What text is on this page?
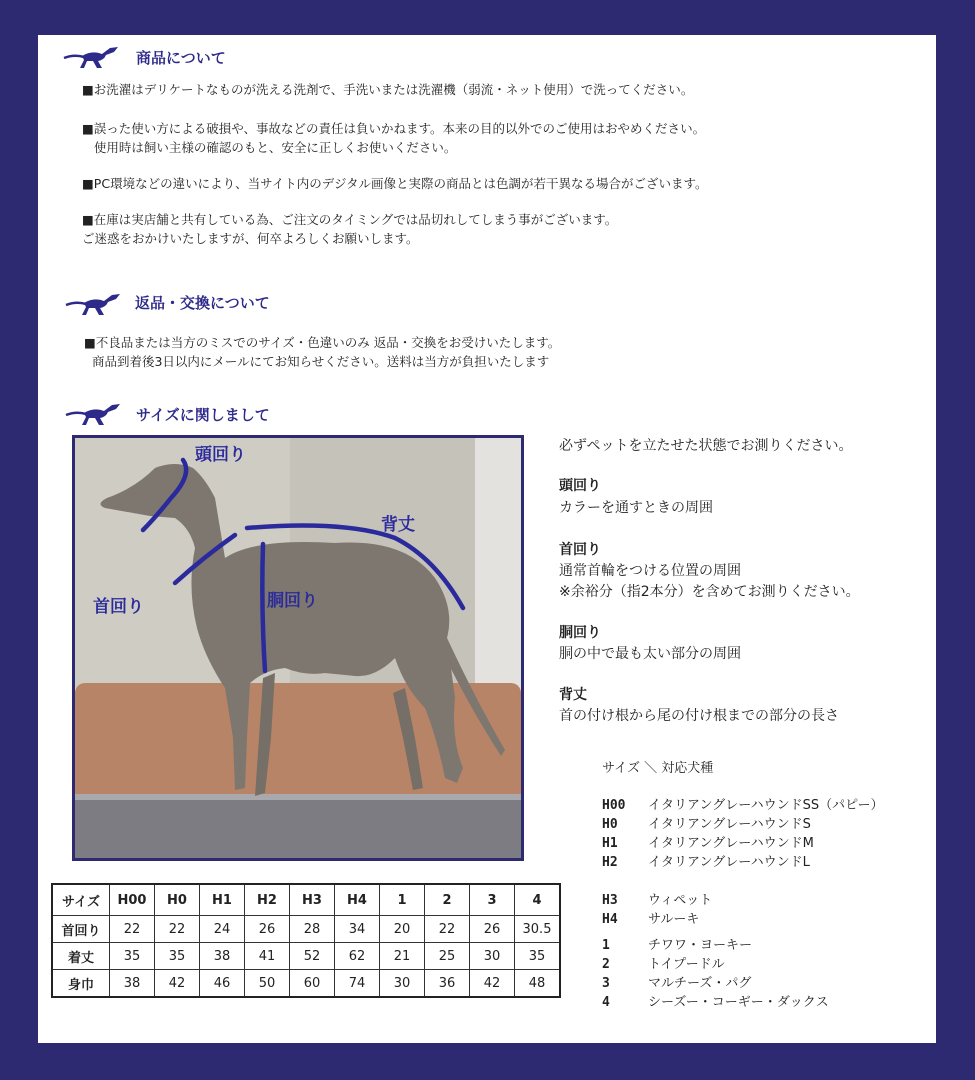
商品について
■お洗濯はデリケートなものが洗える洗剤で、手洗いまたは洗濯機（弱流・ネット使用）で洗ってください。
■誤った使い方による破損や、事故などの責任は負いかねます。本来の目的以外でのご使用はおやめください。
使用時は飼い主様の確認のもと、安全に正しくお使いください。
■PC環境などの違いにより、当サイト内のデジタル画像と実際の商品とは色調が若干異なる場合がございます。
■在庫は実店舗と共有している為、ご注文のタイミングでは品切れしてしまう事がございます。
ご迷惑をおかけいたしますが、何卒よろしくお願いします。
返品・交換について
■不良品または当方のミスでのサイズ・色違いのみ 返品・交換をお受けいたします。
商品到着後3日以内にメールにてお知らせください。送料は当方が負担いたします
サイズに関しまして
頭回り
背丈
首回り	胴回り
必ずペットを立たせた状態でお測りください。
頭回り
カラーを通すときの周囲
首回り
通常首輪をつける位置の周囲
※余裕分（指2本分）を含めてお測りください。
胴回り
胴の中で最も太い部分の周囲
背丈
首の付け根から尾の付け根までの部分の長さ
サイズ ＼ 対応犬種
H00 イタリアングレーハウンドSS（パピー）
H0 イタリアングレーハウンドS
H1 イタリアングレーハウンドM
H2 イタリアングレーハウンドL
H3 ウィペット
H4 サルーキ
1	チワワ・ヨーキー
2	トイプードル
3	マルチーズ・パグ
4	シーズー・コーギー・ダックス
サイズ	H00	H0	H1	H2	H3	H4	1	2	3	4
首回り	22	22	24	26	28	34	20	22	26	30.5
着丈	35	35	38	41	52	62	21	25	30	35
身巾	38	42	46	50	60	74	30	36	42	48
